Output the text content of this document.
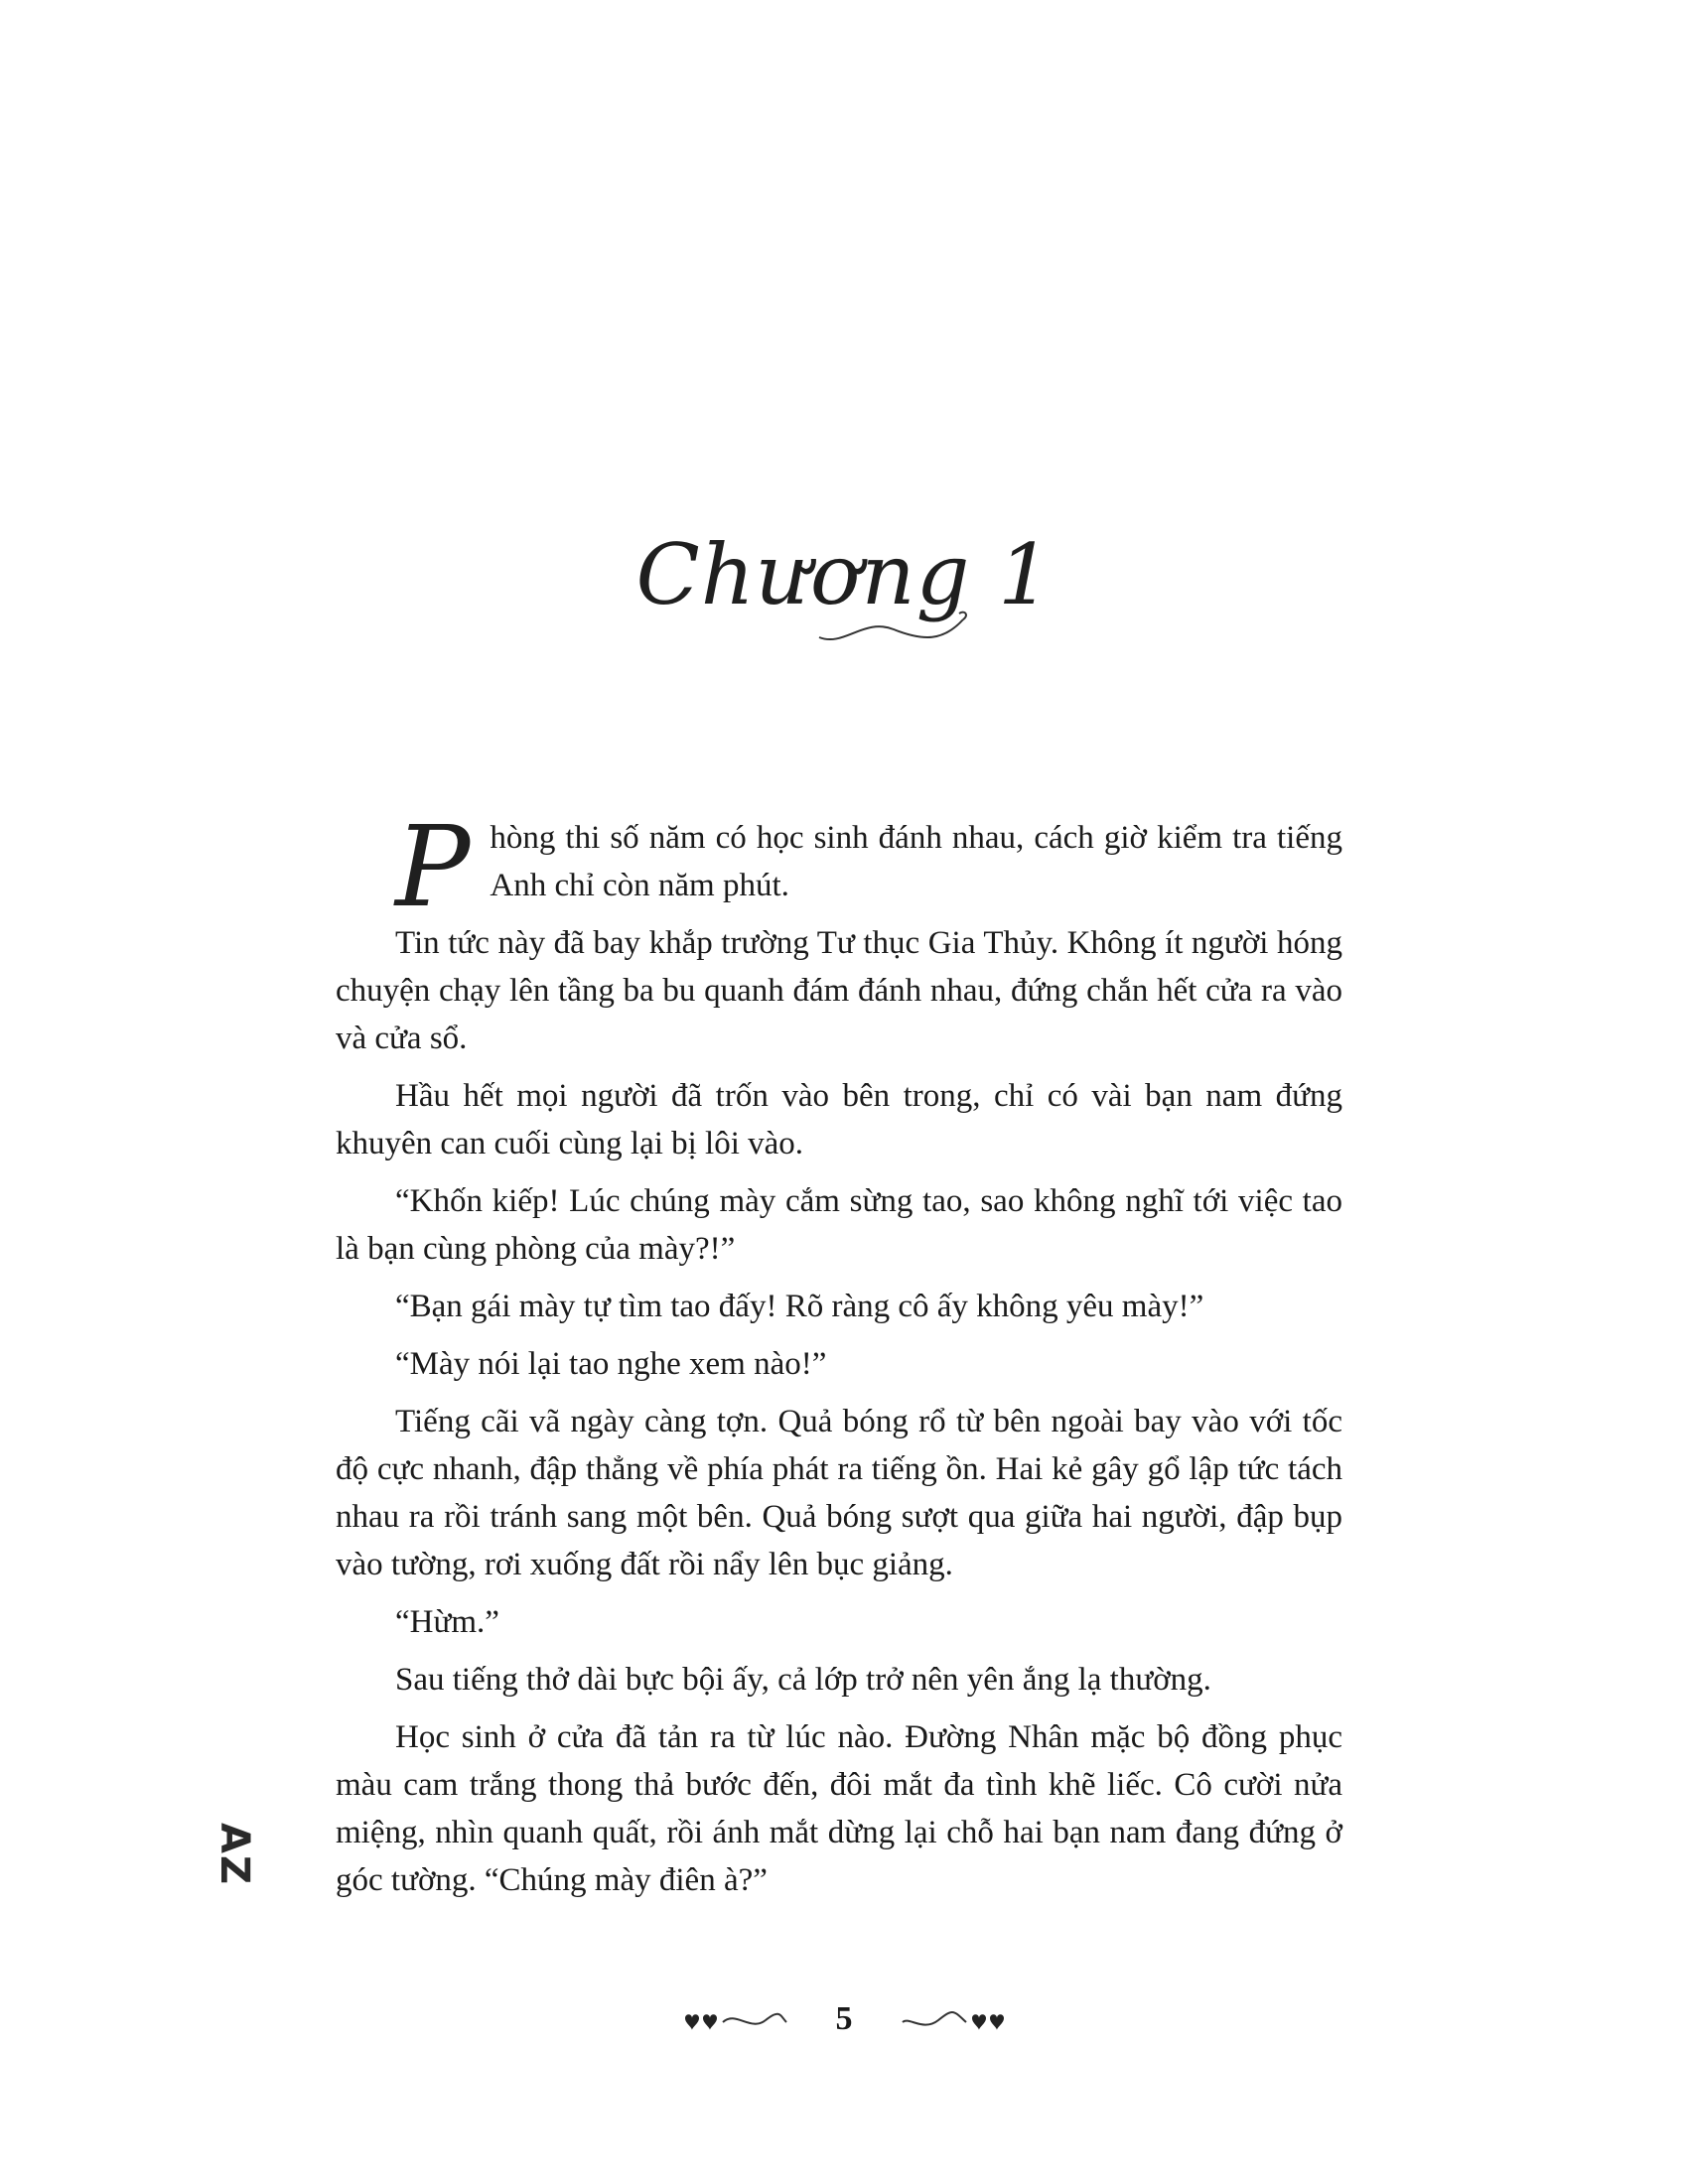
Chương 1

P hòng thi số năm có học sinh đánh nhau, cách giờ kiểm tra tiếng Anh chỉ còn năm phút.

Tin tức này đã bay khắp trường Tư thục Gia Thủy. Không ít người hóng chuyện chạy lên tầng ba bu quanh đám đánh nhau, đứng chắn hết cửa ra vào và cửa sổ.

Hầu hết mọi người đã trốn vào bên trong, chỉ có vài bạn nam đứng khuyên can cuối cùng lại bị lôi vào.

“Khốn kiếp! Lúc chúng mày cắm sừng tao, sao không nghĩ tới việc tao là bạn cùng phòng của mày?!”

“Bạn gái mày tự tìm tao đấy! Rõ ràng cô ấy không yêu mày!”

“Mày nói lại tao nghe xem nào!”

Tiếng cãi vã ngày càng tợn. Quả bóng rổ từ bên ngoài bay vào với tốc độ cực nhanh, đập thẳng về phía phát ra tiếng ồn. Hai kẻ gây gổ lập tức tách nhau ra rồi tránh sang một bên. Quả bóng sượt qua giữa hai người, đập bụp vào tường, rơi xuống đất rồi nẩy lên bục giảng.

“Hừm.”

Sau tiếng thở dài bực bội ấy, cả lớp trở nên yên ắng lạ thường.

Học sinh ở cửa đã tản ra từ lúc nào. Đường Nhân mặc bộ đồng phục màu cam trắng thong thả bước đến, đôi mắt đa tình khẽ liếc. Cô cười nửa miệng, nhìn quanh quất, rồi ánh mắt dừng lại chỗ hai bạn nam đang đứng ở góc tường. “Chúng mày điên à?”

AZ
5
